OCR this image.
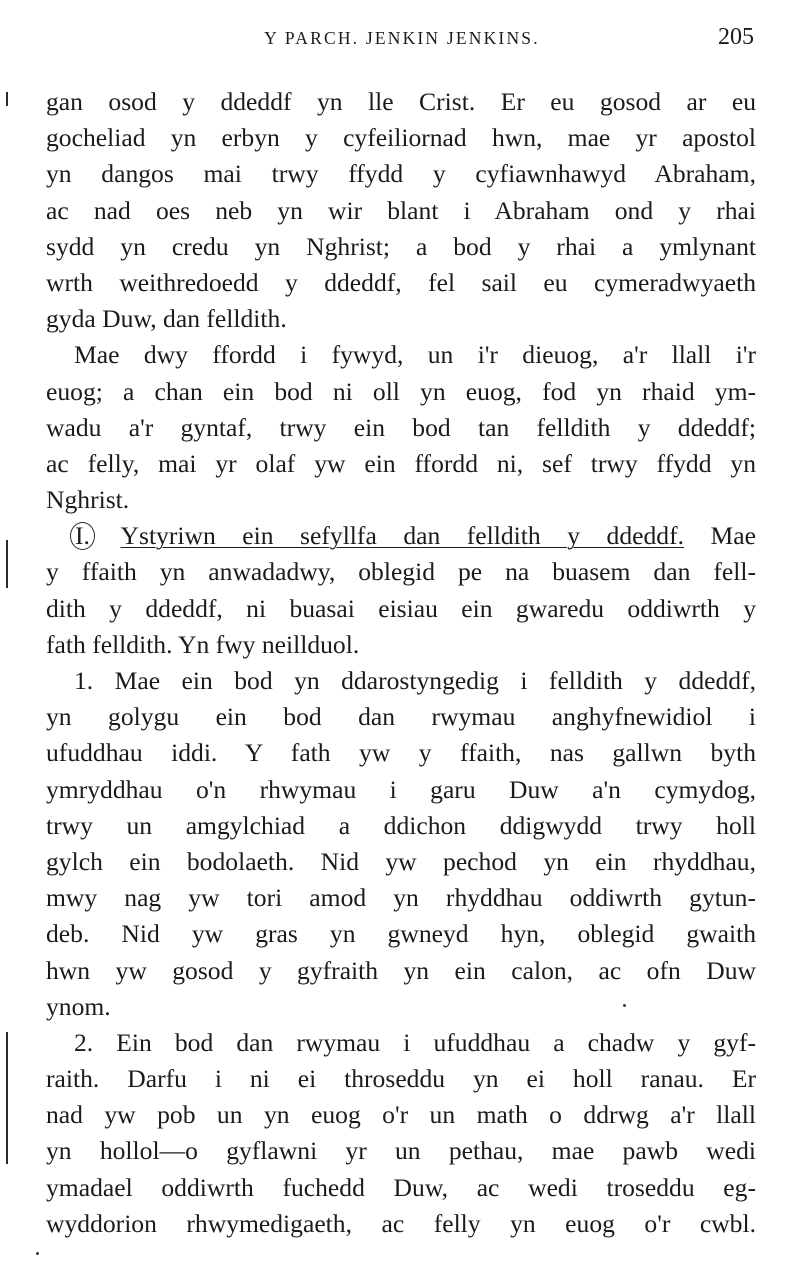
Y PARCH. JENKIN JENKINS.	205
gan osod y ddeddf yn lle Crist. Er eu gosod ar eu
gocheliad yn erbyn y cyfeiliornad hwn, mae yr apostol
yn dangos mai trwy ffydd y cyfiawnhawyd Abraham,
ac nad oes neb yn wir blant i Abraham ond y rhai
sydd yn credu yn Nghrist; a bod y rhai a ymlynant
wrth weithredoedd y ddeddf, fel sail eu cymeradwyaeth
gyda Duw, dan felldith.
Mae dwy ffordd i fywyd, un i'r dieuog, a'r llall i'r
euog; a chan ein bod ni oll yn euog, fod yn rhaid ym-
wadu a'r gyntaf, trwy ein bod tan felldith y ddeddf;
ac felly, mai yr olaf yw ein ffordd ni, sef trwy ffydd yn
Nghrist.
I. Ystyriwn ein sefyllfa dan felldith y ddeddf. Mae
y ffaith yn anwadadwy, oblegid pe na buasem dan fell-
dith y ddeddf, ni buasai eisiau ein gwaredu oddiwrth y
fath felldith. Yn fwy neillduol.
1. Mae ein bod yn ddarostyngedig i felldith y ddeddf,
yn golygu ein bod dan rwymau anghyfnewidiol i
ufuddhau iddi. Y fath yw y ffaith, nas gallwn byth
ymryddhau o'n rhwymau i garu Duw a'n cymydog,
trwy un amgylchiad a ddichon ddigwydd trwy holl
gylch ein bodolaeth. Nid yw pechod yn ein rhyddhau,
mwy nag yw tori amod yn rhyddhau oddiwrth gytun-
deb. Nid yw gras yn gwneyd hyn, oblegid gwaith
hwn yw gosod y gyfraith yn ein calon, ac ofn Duw
ynom.
2. Ein bod dan rwymau i ufuddhau a chadw y gyf-
raith. Darfu i ni ei throseddu yn ei holl ranau. Er
nad yw pob un yn euog o'r un math o ddrwg a'r llall
yn hollol—o gyflawni yr un pethau, mae pawb wedi
ymadael oddiwrth fuchedd Duw, ac wedi troseddu eg-
wyddorion rhwymedigaeth, ac felly yn euog o'r cwbl.
